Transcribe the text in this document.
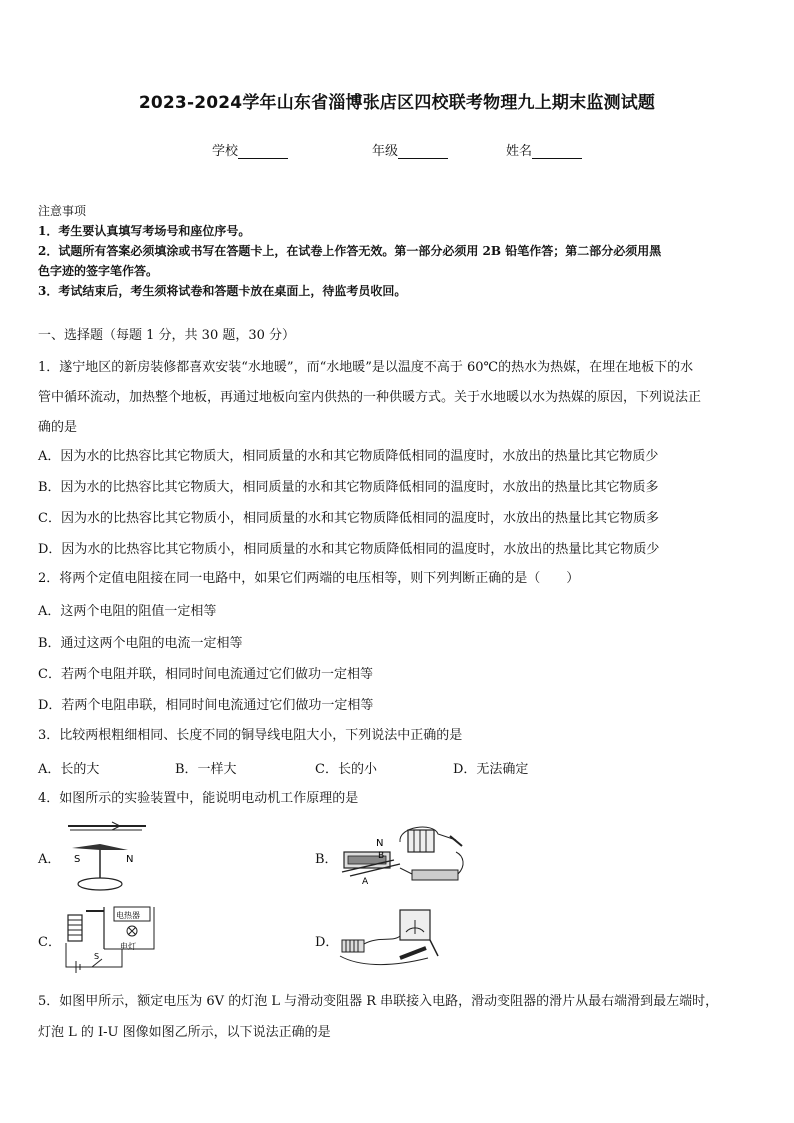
2023-2024学年山东省淄博张店区四校联考物理九上期末监测试题
学校	年级	姓名
注意事项
1．考生要认真填写考场号和座位序号。
2．试题所有答案必须填涂或书写在答题卡上，在试卷上作答无效。第一部分必须用 2B 铅笔作答；第二部分必须用黑
色字迹的签字笔作答。
3．考试结束后，考生须将试卷和答题卡放在桌面上，待监考员收回。
一、选择题（每题 1 分，共 30 题，30 分）
1．遂宁地区的新房装修都喜欢安装“水地暖”，而“水地暖”是以温度不高于 60℃的热水为热媒，在埋在地板下的水
管中循环流动，加热整个地板，再通过地板向室内供热的一种供暖方式。关于水地暖以水为热媒的原因，下列说法正
确的是
A．因为水的比热容比其它物质大，相同质量的水和其它物质降低相同的温度时，水放出的热量比其它物质少
B．因为水的比热容比其它物质大，相同质量的水和其它物质降低相同的温度时，水放出的热量比其它物质多
C．因为水的比热容比其它物质小，相同质量的水和其它物质降低相同的温度时，水放出的热量比其它物质多
D．因为水的比热容比其它物质小，相同质量的水和其它物质降低相同的温度时，水放出的热量比其它物质少
2．将两个定值电阻接在同一电路中，如果它们两端的电压相等，则下列判断正确的是（　　）
A．这两个电阻的阻值一定相等
B．通过这两个电阻的电流一定相等
C．若两个电阻并联，相同时间电流通过它们做功一定相等
D．若两个电阻串联，相同时间电流通过它们做功一定相等
3．比较两根粗细相同、长度不同的铜导线电阻大小，下列说法中正确的是
A．长的大	B．一样大	C．长的小	D．无法确定
4．如图所示的实验装置中，能说明电动机工作原理的是
A．	B．
C．	D．
S	N
N
B
A
电热器
电灯
S
5．如图甲所示，额定电压为 6V 的灯泡 L 与滑动变阻器 R 串联接入电路，滑动变阻器的滑片从最右端滑到最左端时，
灯泡 L 的 I-U 图像如图乙所示，以下说法正确的是
